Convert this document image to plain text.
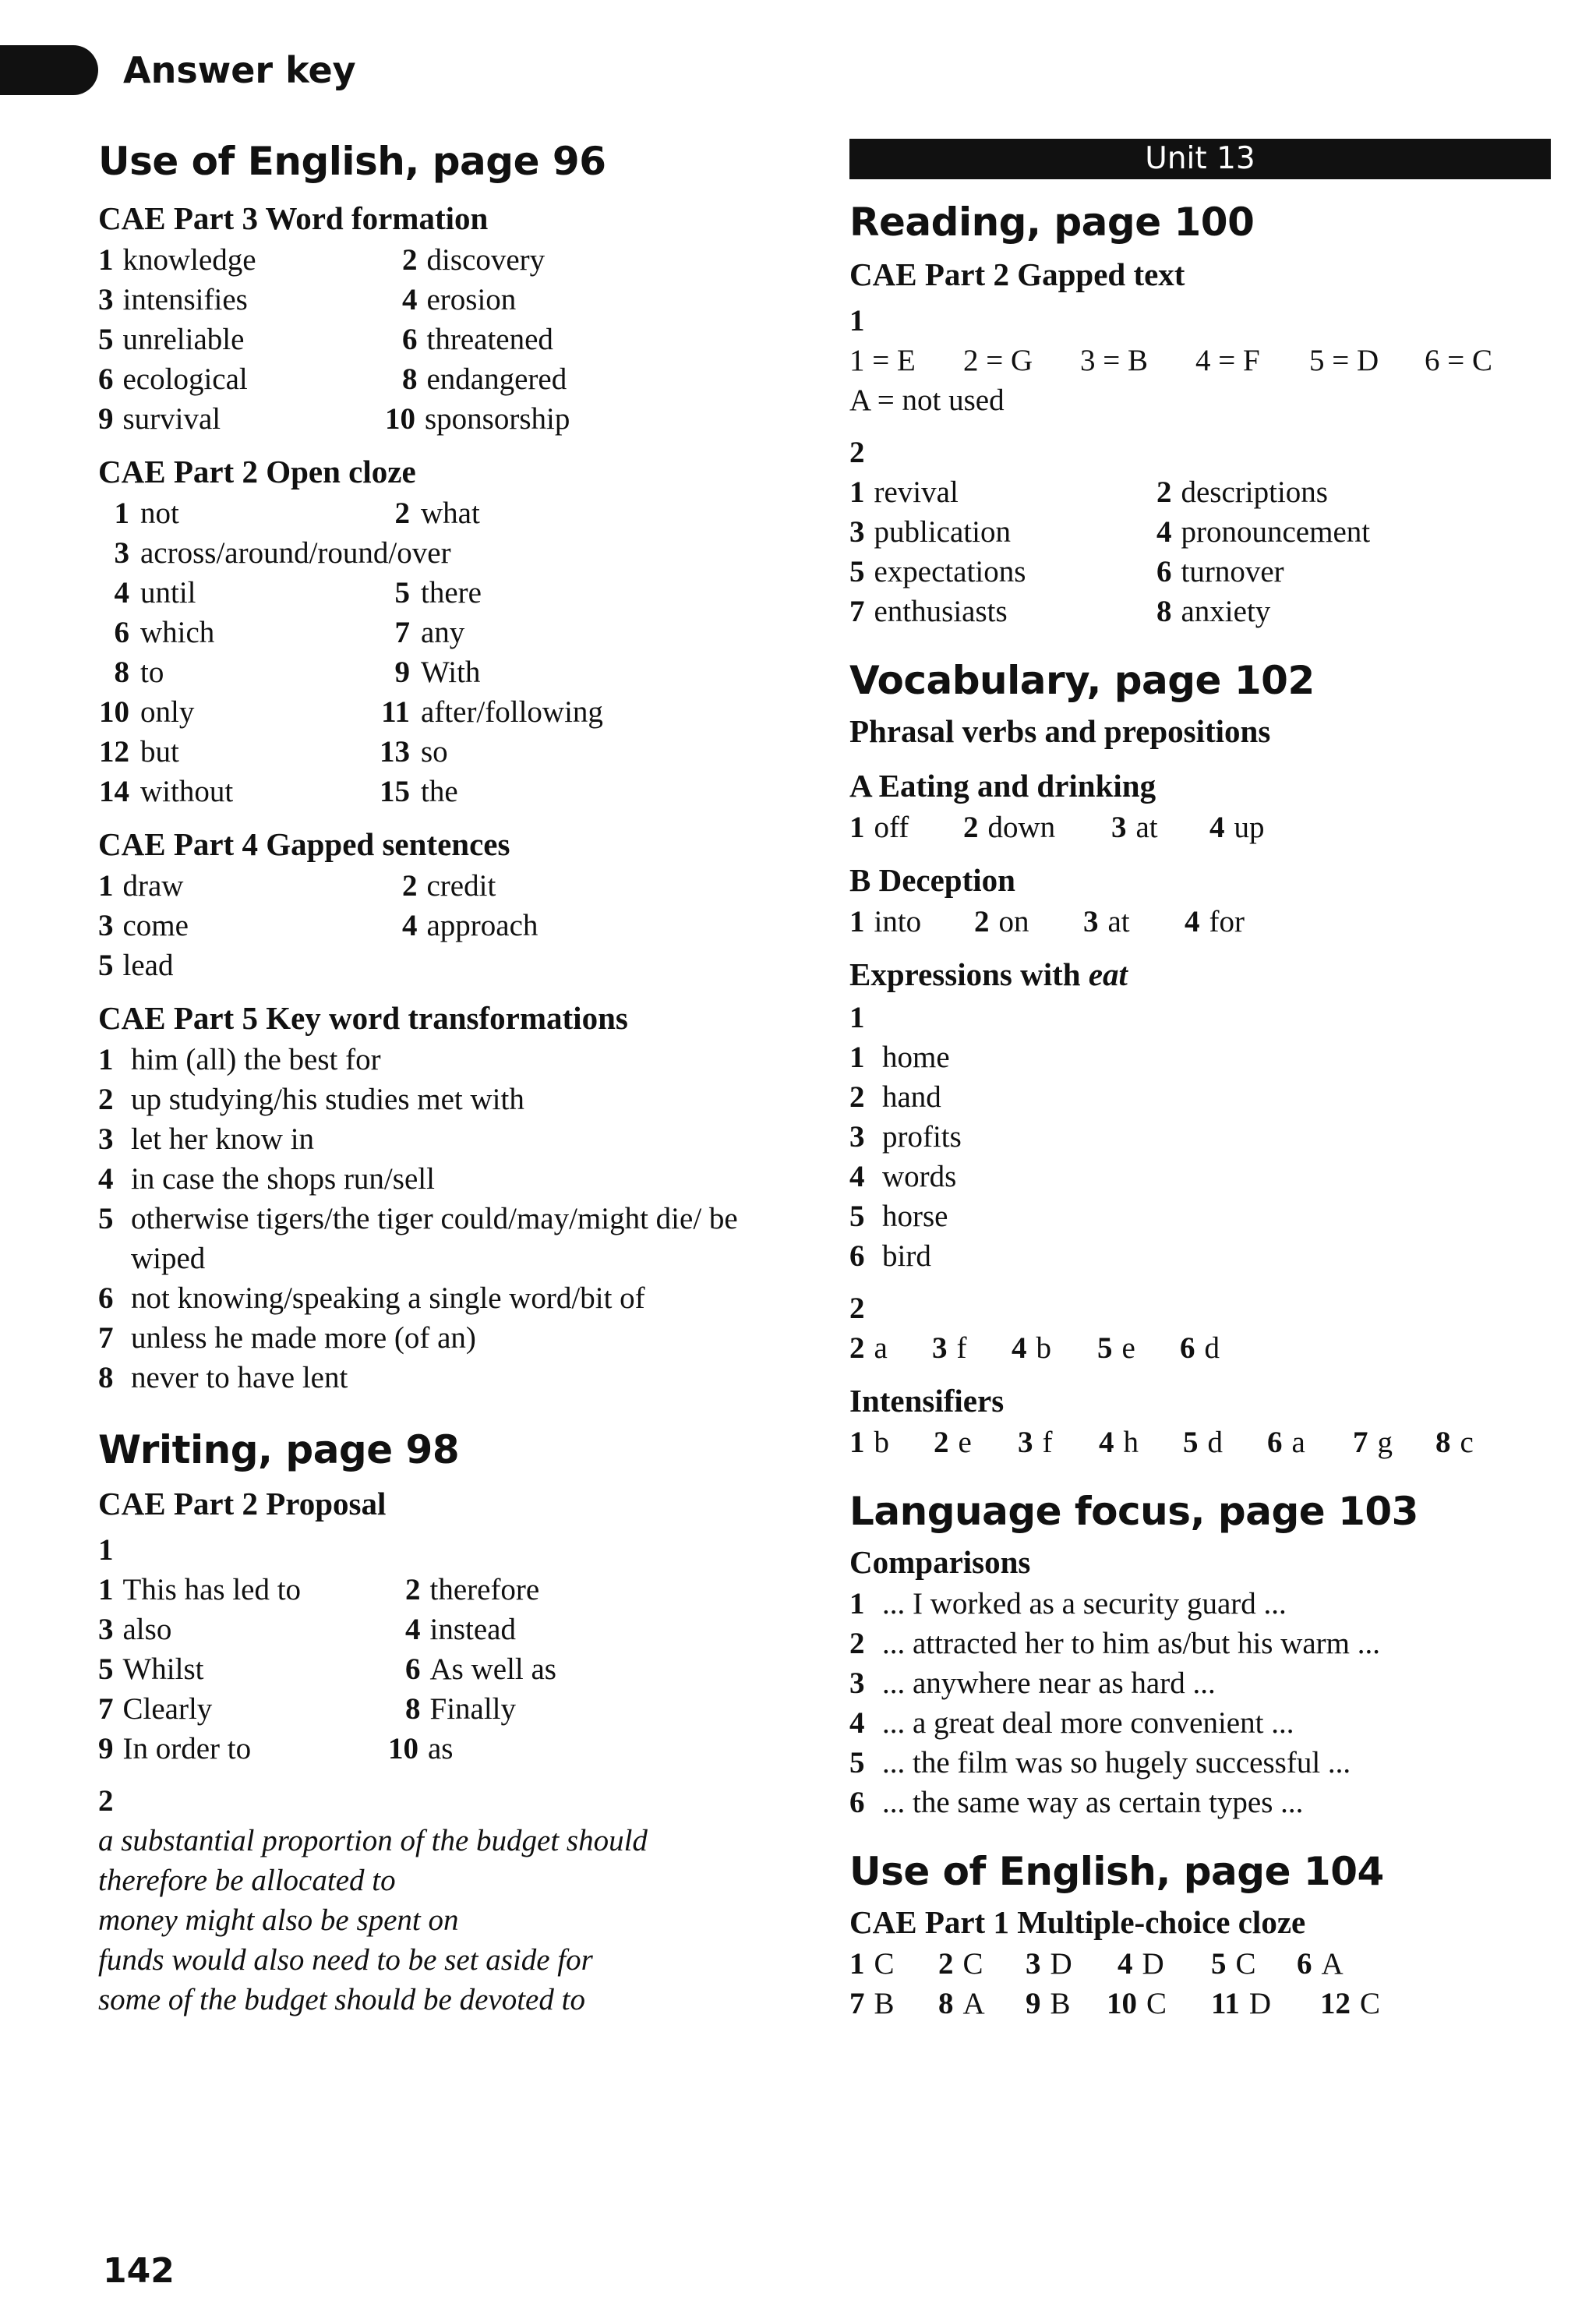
Answer key
Use of English, page 96
CAE Part 3 Word formation
1 knowledge	2 discovery
3 intensifies	4 erosion
5 unreliable	6 threatened
6 ecological	8 endangered
9 survival	10 sponsorship
CAE Part 2 Open cloze
1 not	2 what
3 across/around/round/over
4 until	5 there
6 which	7 any
8 to	9 With
10 only	11 after/following
12 but	13 so
14 without	15 the
CAE Part 4 Gapped sentences
1 draw	2 credit
3 come	4 approach
5 lead
CAE Part 5 Key word transformations
1 him (all) the best for
2 up studying/his studies met with
3 let her know in
4 in case the shops run/sell
5 otherwise tigers/the tiger could/may/might die/ be wiped
6 not knowing/speaking a single word/bit of
7 unless he made more (of an)
8 never to have lent
Writing, page 98
CAE Part 2 Proposal
1
1 This has led to	2 therefore
3 also	4 instead
5 Whilst	6 As well as
7 Clearly	8 Finally
9 In order to	10 as
2
a substantial proportion of the budget should
therefore be allocated to
money might also be spent on
funds would also need to be set aside for
some of the budget should be devoted to
Unit 13
Reading, page 100
CAE Part 2 Gapped text
1
1 = E 2 = G 3 = B 4 = F 5 = D 6 = C
A = not used
2
1 revival	2 descriptions
3 publication	4 pronouncement
5 expectations	6 turnover
7 enthusiasts	8 anxiety
Vocabulary, page 102
Phrasal verbs and prepositions
A Eating and drinking
1 off 2 down 3 at 4 up
B Deception
1 into 2 on 3 at 4 for
Expressions with eat
1
1 home
2 hand
3 profits
4 words
5 horse
6 bird
2
2 a 3 f 4 b 5 e 6 d
Intensifiers
1 b 2 e 3 f 4 h 5 d 6 a 7 g 8 c
Language focus, page 103
Comparisons
1 ... I worked as a security guard ...
2 ... attracted her to him as/but his warm ...
3 ... anywhere near as hard ...
4 ... a great deal more convenient ...
5 ... the film was so hugely successful ...
6 ... the same way as certain types ...
Use of English, page 104
CAE Part 1 Multiple-choice cloze
1 C 2 C 3 D 4 D 5 C 6 A
7 B 8 A 9 B 10 C 11 D 12 C
142
